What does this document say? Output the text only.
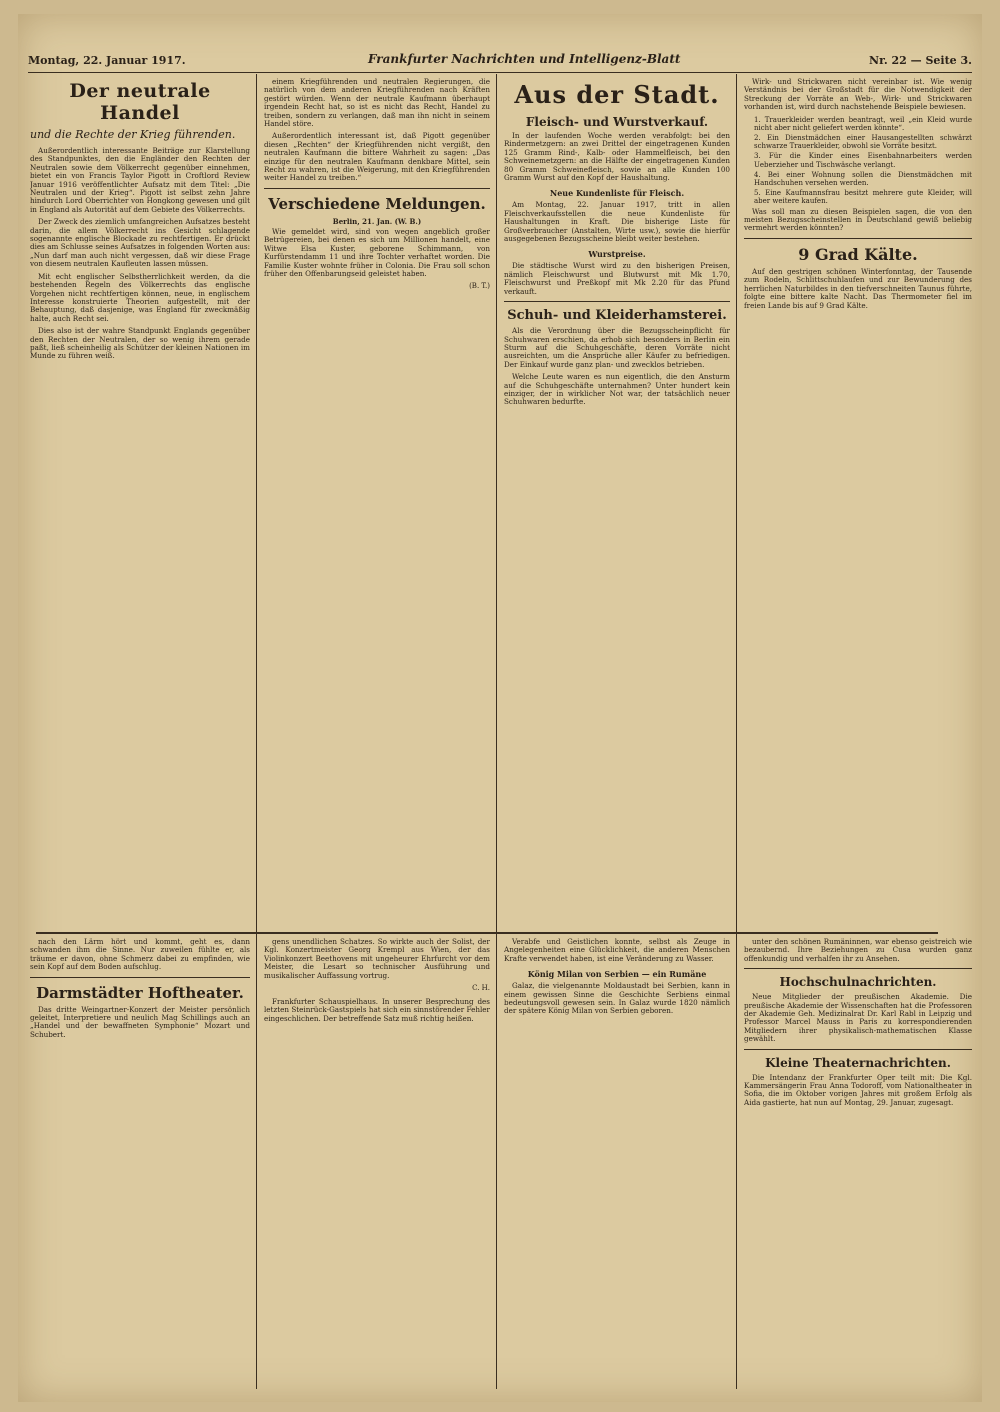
Montag, 22. Januar 1917.	Frankfurter Nachrichten und Intelligenz-Blatt	Nr. 22 — Seite 3.
Der neutrale Handel
und die Rechte der Krieg führenden.

Außerordentlich interessante Beiträge zur Klarstellung des Standpunktes, den die Engländer den Rechten der Neutralen sowie dem Völkerrecht gegenüber einnehmen, bietet ein von Francis Taylor Pigott in Croftlord Review Januar 1916 veröffentlichter Aufsatz mit dem Titel: „Die Neutralen und der Krieg“. Pigott ist selbst zehn Jahre hindurch Lord Oberrichter von Hongkong gewesen und gilt in England als Autorität auf dem Gebiete des Völkerrechts.

Der Zweck des ziemlich umfangreichen Aufsatzes besteht darin, die allem Völkerrecht ins Gesicht schlagende sogenannte englische Blockade zu rechtfertigen. Er drückt dies am Schlusse seines Aufsatzes in folgenden Worten aus: „Nun darf man auch nicht vergessen, daß wir diese Frage von diesem neutralen Kaufleuten lassen müssen.

Mit echt englischer Selbstherrlichkeit werden, da die bestehenden Regeln des Völkerrechts das englische Vorgehen nicht rechtfertigen können, neue, in englischem Interesse konstruierte Theorien aufgestellt, mit der Behauptung, daß dasjenige, was England für zweckmäßig halte, auch Recht sei.

Dies also ist der wahre Standpunkt Englands gegenüber den Rechten der Neutralen, der so wenig ihrem gerade paßt, ließ scheinheilig als Schützer der kleinen Nationen im Munde zu führen weiß.

einem Kriegführenden und neutralen Regierungen, die natürlich von dem anderen Kriegführenden nach Kräften gestört würden. Wenn der neutrale Kaufmann überhaupt irgendein Recht hat, so ist es nicht das Recht, Handel zu treiben, sondern zu verlangen, daß man ihn nicht in seinem Handel störe.

Außerordentlich interessant ist, daß Pigott gegenüber diesen „Rechten“ der Kriegführenden nicht vergißt, den neutralen Kaufmann die bittere Wahrheit zu sagen: „Das einzige für den neutralen Kaufmann denkbare Mittel, sein Recht zu wahren, ist die Weigerung, mit den Kriegführenden weiter Handel zu treiben.“

Verschiedene Meldungen.
Berlin, 21. Jan. (W. B.)

Wie gemeldet wird, sind von wegen angeblich großer Betrügereien, bei denen es sich um Millionen handelt, eine Witwe Elsa Kuster, geborene Schimmann, von Kurfürstendamm 11 und ihre Tochter verhaftet worden. Die Familie Kuster wohnte früher in Colonia. Die Frau soll schon früher den Offenbarungseid geleistet haben.

(B. T.)
Aus der Stadt.
Fleisch- und Wurstverkauf.

In der laufenden Woche werden verabfolgt: bei den Rindermetzgern: an zwei Drittel der eingetragenen Kunden 125 Gramm Rind-, Kalb- oder Hammelfleisch, bei den Schweinemetzgern: an die Hälfte der eingetragenen Kunden 80 Gramm Schweinefleisch, sowie an alle Kunden 100 Gramm Wurst auf den Kopf der Haushaltung.

Neue Kundenliste für Fleisch.

Am Montag, 22. Januar 1917, tritt in allen Fleischverkaufsstellen die neue Kundenliste für Haushaltungen in Kraft. Die bisherige Liste für Großverbraucher (Anstalten, Wirte usw.), sowie die hierfür ausgegebenen Bezugsscheine bleibt weiter bestehen.

Wurstpreise.

Die städtische Wurst wird zu den bisherigen Preisen, nämlich Fleischwurst und Blutwurst mit Mk 1.70, Fleischwurst und Preßkopf mit Mk 2.20 für das Pfund verkauft.

Schuh- und Kleiderhamsterei.

Als die Verordnung über die Bezugsscheinpflicht für Schuhwaren erschien, da erhob sich besonders in Berlin ein Sturm auf die Schuhgeschäfte, deren Vorräte nicht ausreichten, um die Ansprüche aller Käufer zu befriedigen. Der Einkauf wurde ganz plan- und zwecklos betrieben.

Welche Leute waren es nun eigentlich, die den Ansturm auf die Schuhgeschäfte unternahmen? Unter hundert kein einziger, der in wirklicher Not war, der tatsächlich neuer Schuhwaren bedurfte.

Wirk- und Strickwaren nicht vereinbar ist. Wie wenig Verständnis bei der Großstadt für die Notwendigkeit der Streckung der Vorräte an Web-, Wirk- und Strickwaren vorhanden ist, wird durch nachstehende Beispiele bewiesen.

1. Trauerkleider werden beantragt, weil „ein Kleid wurde nicht aber nicht geliefert werden könnte“.
2. Ein Dienstmädchen einer Hausangestellten schwärzt schwarze Trauerkleider, obwohl sie Vorräte besitzt.
3. Für die Kinder eines Eisenbahnarbeiters werden Ueberzieher und Tischwäsche verlangt.
4. Bei einer Wohnung sollen die Dienstmädchen mit Handschuhen versehen werden.
5. Eine Kaufmannsfrau besitzt mehrere gute Kleider, will aber weitere kaufen.

Was soll man zu diesen Beispielen sagen, die von den meisten Bezugsscheinstellen in Deutschland gewiß beliebig vermehrt werden könnten?

9 Grad Kälte.

Auf den gestrigen schönen Winterfonntag, der Tausende zum Rodeln, Schlittschuhlaufen und zur Bewunderung des herrlichen Naturbildes in den tiefverschneiten Taunus führte, folgte eine bittere kalte Nacht. Das Thermometer fiel im freien Lande bis auf 9 Grad Kälte.

nach den Lärm hört und kommt, geht es, dann schwanden ihm die Sinne. Nur zuweilen fühlte er, als träume er davon, ohne Schmerz dabei zu empfinden, wie sein Kopf auf dem Boden aufschlug.

Darmstädter Hoftheater.

Das dritte Weingartner-Konzert der Meister persönlich geleitet, Interpretiere und neulich Mag Schillings auch an „Handel und der bewaffneten Symphonie“ Mozart und Schubert.

gens unendlichen Schatzes. So wirkte auch der Solist, der Kgl. Konzertmeister Georg Krempl aus Wien, der das Violinkonzert Beethovens mit ungeheurer Ehrfurcht vor dem Meister, die Lesart so technischer Ausführung und musikalischer Auffassung vortrug.

C. H.

Frankfurter Schauspielhaus. In unserer Besprechung des letzten Steinrück-Gastspiels hat sich ein sinnstörender Fehler eingeschlichen. Der betreffende Satz muß richtig heißen.

Verabfe und Geistlichen konnte, selbst als Zeuge in Angelegenheiten eine Glücklichkeit, die anderen Menschen Krafte verwendet haben, ist eine Veränderung zu Wasser.

König Milan von Serbien — ein Rumäne

Galaz, die vielgenannte Moldaustadt bei Serbien, kann in einem gewissen Sinne die Geschichte Serbiens einmal bedeutungsvoll gewesen sein. In Galaz wurde 1820 nämlich der spätere König Milan von Serbien geboren.

unter den schönen Rumäninnen, war ebenso geistreich wie bezaubernd. Ihre Beziehungen zu Cusa wurden ganz offenkundig und verhalfen ihr zu Ansehen.

Hochschulnachrichten.

Neue Mitglieder der preußischen Akademie. Die preußische Akademie der Wissenschaften hat die Professoren der Akademie Geh. Medizinalrat Dr. Karl Rabl in Leipzig und Professor Marcel Mauss in Paris zu korrespondierenden Mitgliedern ihrer physikalisch-mathematischen Klasse gewählt.

Kleine Theaternachrichten.

Die Intendanz der Frankfurter Oper teilt mit: Die Kgl. Kammersängerin Frau Anna Todoroff, vom Nationaltheater in Sofia, die im Oktober vorigen Jahres mit großem Erfolg als Aida gastierte, hat nun auf Montag, 29. Januar, zugesagt.
